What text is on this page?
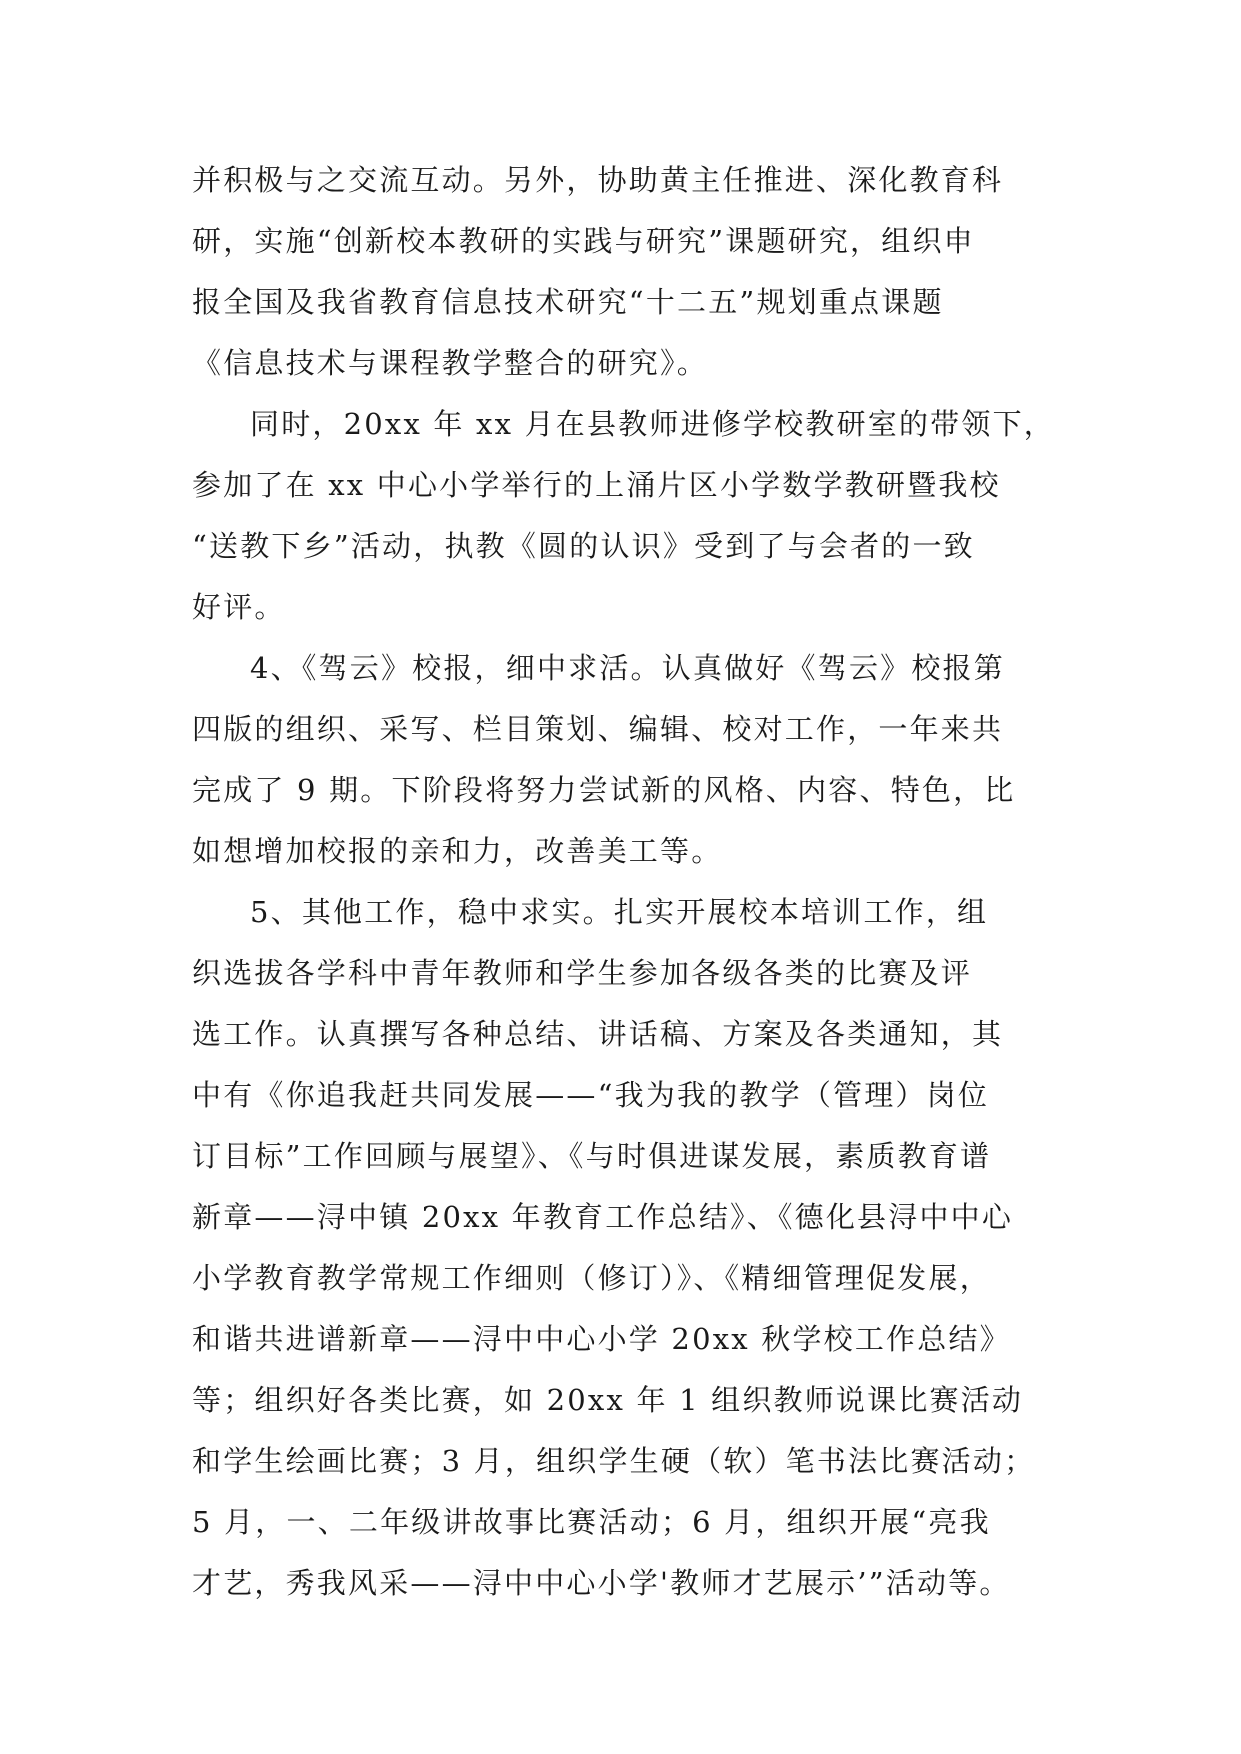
并积极与之交流互动。另外，协助黄主任推进、深化教育科
研，实施“创新校本教研的实践与研究”课题研究，组织申
报全国及我省教育信息技术研究“十二五”规划重点课题
《信息技术与课程教学整合的研究》。
同时，20xx 年 xx 月在县教师进修学校教研室的带领下，
参加了在 xx 中心小学举行的上涌片区小学数学教研暨我校
“送教下乡”活动，执教《圆的认识》受到了与会者的一致
好评。
4、《驾云》校报，细中求活。认真做好《驾云》校报第
四版的组织、采写、栏目策划、编辑、校对工作，一年来共
完成了 9 期。下阶段将努力尝试新的风格、内容、特色，比
如想增加校报的亲和力，改善美工等。
5、其他工作，稳中求实。扎实开展校本培训工作，组
织选拔各学科中青年教师和学生参加各级各类的比赛及评
选工作。认真撰写各种总结、讲话稿、方案及各类通知，其
中有《你追我赶共同发展——“我为我的教学（管理）岗位
订目标”工作回顾与展望》、《与时俱进谋发展，素质教育谱
新章——浔中镇 20xx 年教育工作总结》、《德化县浔中中心
小学教育教学常规工作细则（修订）》、《精细管理促发展，
和谐共进谱新章——浔中中心小学 20xx 秋学校工作总结》
等；组织好各类比赛，如 20xx 年 1 组织教师说课比赛活动
和学生绘画比赛；3 月，组织学生硬（软）笔书法比赛活动；
5 月，一、二年级讲故事比赛活动；6 月，组织开展“亮我
才艺，秀我风采——浔中中心小学'教师才艺展示’”活动等。
